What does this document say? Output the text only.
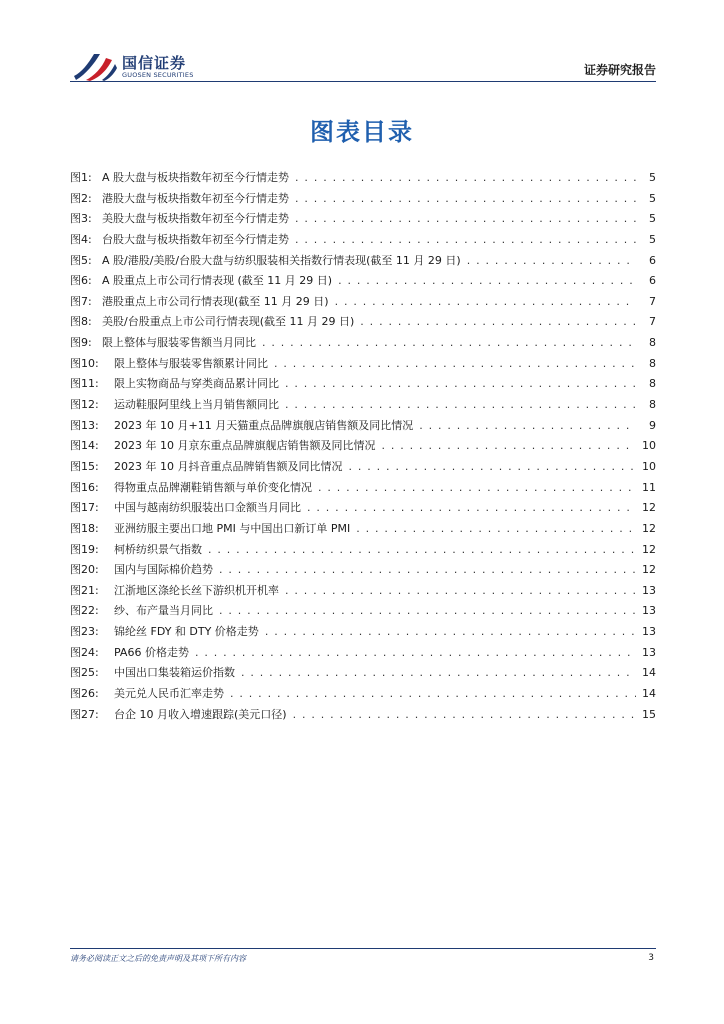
国信证券
GUOSEN SECURITIES	证券研究报告
图表目录
图1: A 股大盘与板块指数年初至今行情走势 . . .	5
图2: 港股大盘与板块指数年初至今行情走势 . . .	5
图3: 美股大盘与板块指数年初至今行情走势 . . .	5
图4: 台股大盘与板块指数年初至今行情走势 . . .	5
图5: A 股/港股/美股/台股大盘与纺织服装相关指数行情表现(截至 11 月 29 日) . . .	6
图6: A 股重点上市公司行情表现 (截至 11 月 29 日) . . .	6
图7: 港股重点上市公司行情表现(截至 11 月 29 日) . . .	7
图8: 美股/台股重点上市公司行情表现(截至 11 月 29 日) . . .	7
图9: 限上整体与服装零售额当月同比 . . .	8
图10:	限上整体与服装零售额累计同比 . . .	8
图11:	限上实物商品与穿类商品累计同比 . . .	8
图12:	运动鞋服阿里线上当月销售额同比 . . .	8
图13:	2023 年 10 月+11 月天猫重点品牌旗舰店销售额及同比情况 . . .	9
图14:	2023 年 10 月京东重点品牌旗舰店销售额及同比情况 . . .	10
图15:	2023 年 10 月抖音重点品牌销售额及同比情况 . . .	10
图16:	得物重点品牌潮鞋销售额与单价变化情况 . . .	11
图17:	中国与越南纺织服装出口金额当月同比 . . .	12
图18:	亚洲纺服主要出口地 PMI 与中国出口新订单 PMI . . .	12
图19:	柯桥纺织景气指数 . . .	12
图20:	国内与国际棉价趋势 . . .	12
图21:	江浙地区涤纶长丝下游织机开机率 . . .	13
图22:	纱、布产量当月同比 . . .	13
图23:	锦纶丝 FDY 和 DTY 价格走势 . . .	13
图24:	PA66 价格走势 . . .	13
图25:	中国出口集装箱运价指数 . . .	14
图26:	美元兑人民币汇率走势 . . .	14
图27:	台企 10 月收入增速跟踪(美元口径) . . .	15
请务必阅读正文之后的免责声明及其项下所有内容	3
